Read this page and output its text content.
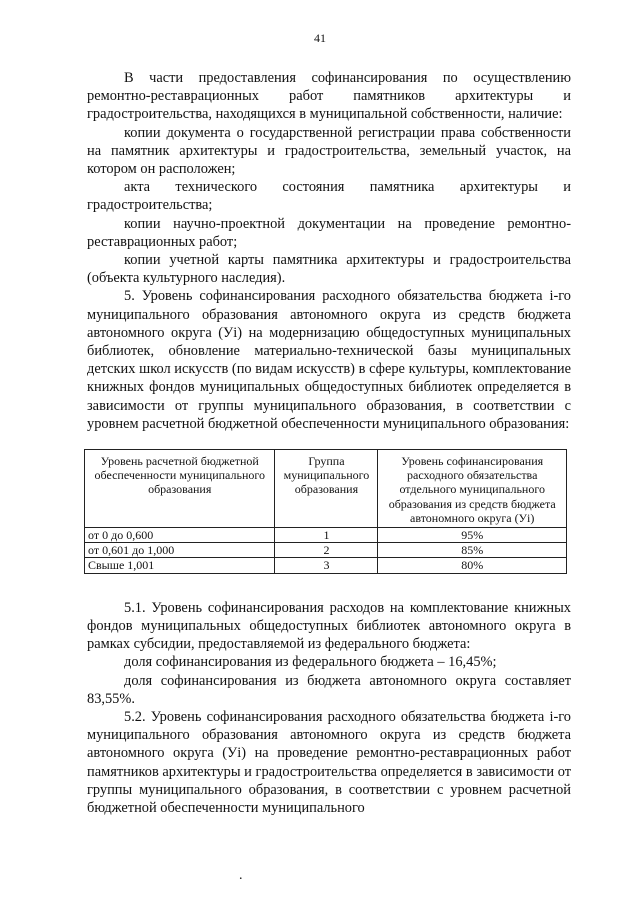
41

В части предоставления софинансирования по осуществлению ремонтно-реставрационных работ памятников архитектуры и градостроительства, находящихся в муниципальной собственности, наличие:

копии документа о государственной регистрации права собственности на памятник архитектуры и градостроительства, земельный участок, на котором он расположен;

акта технического состояния памятника архитектуры и градостроительства;

копии научно-проектной документации на проведение ремонтно-реставрационных работ;

копии учетной карты памятника архитектуры и градостроительства (объекта культурного наследия).

5. Уровень софинансирования расходного обязательства бюджета i-го муниципального образования автономного округа из средств бюджета автономного округа (Уi) на модернизацию общедоступных муниципальных библиотек, обновление материально-технической базы муниципальных детских школ искусств (по видам искусств) в сфере культуры, комплектование книжных фондов муниципальных общедоступных библиотек определяется в зависимости от группы муниципального образования, в соответствии с уровнем расчетной бюджетной обеспеченности муниципального образования:

Уровень расчетной бюджетной обеспеченности муниципального образования	Группа муниципального образования	Уровень софинансирования расходного обязательства отдельного муниципального образования из средств бюджета автономного округа (Уi)
от 0 до 0,600	1	95%
от 0,601 до 1,000	2	85%
Свыше 1,001	3	80%

5.1. Уровень софинансирования расходов на комплектование книжных фондов муниципальных общедоступных библиотек автономного округа в рамках субсидии, предоставляемой из федерального бюджета:

доля софинансирования из федерального бюджета – 16,45%;

доля софинансирования из бюджета автономного округа составляет 83,55%.

5.2. Уровень софинансирования расходного обязательства бюджета i-го муниципального образования автономного округа из средств бюджета автономного округа (Уi) на проведение ремонтно-реставрационных работ памятников архитектуры и градостроительства определяется в зависимости от группы муниципального образования, в соответствии с уровнем расчетной бюджетной обеспеченности муниципального

.
